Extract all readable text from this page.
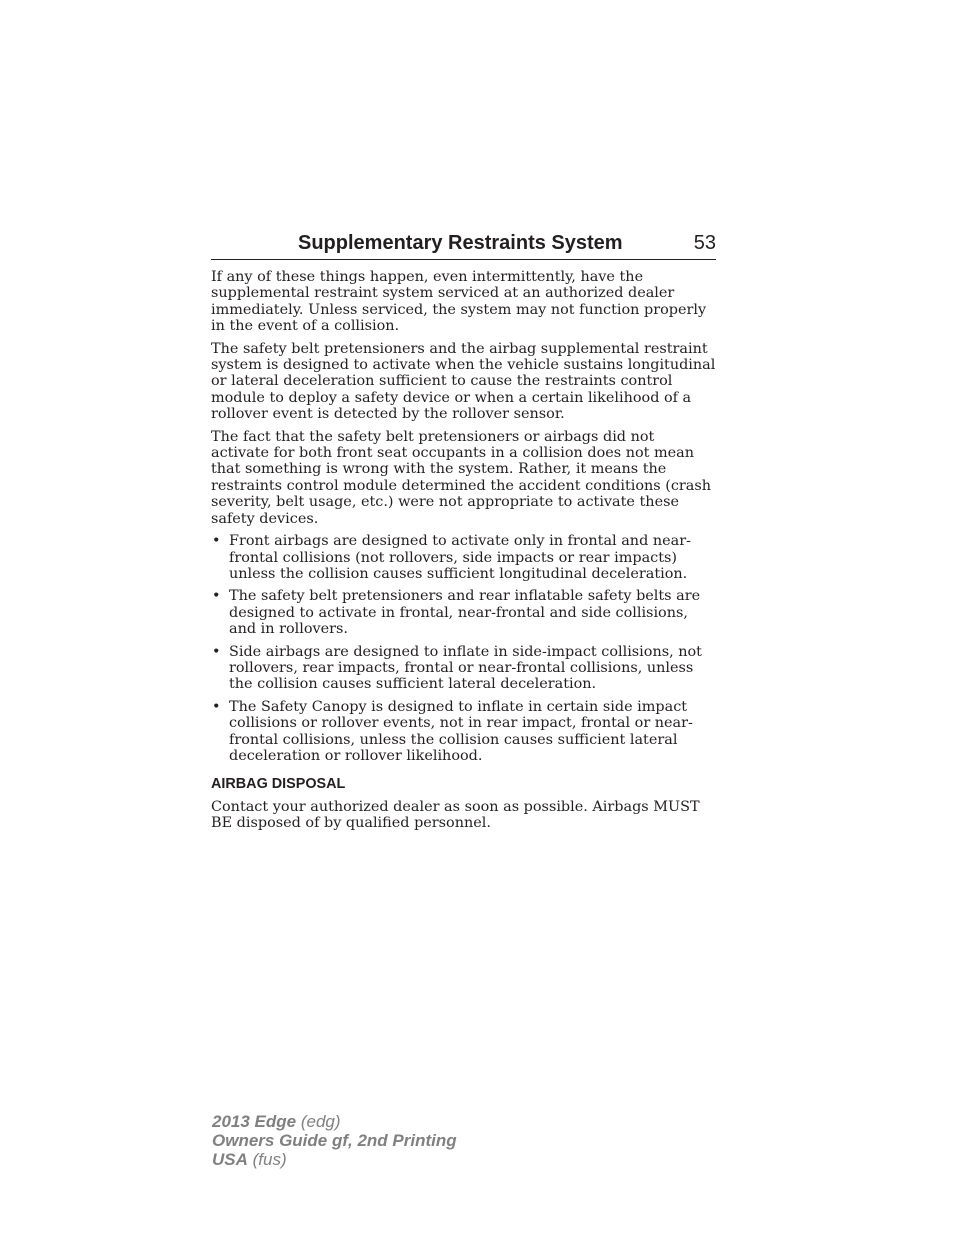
Supplementary Restraints System	53

If any of these things happen, even intermittently, have the supplemental restraint system serviced at an authorized dealer immediately. Unless serviced, the system may not function properly in the event of a collision.

The safety belt pretensioners and the airbag supplemental restraint system is designed to activate when the vehicle sustains longitudinal or lateral deceleration sufficient to cause the restraints control module to deploy a safety device or when a certain likelihood of a rollover event is detected by the rollover sensor.

The fact that the safety belt pretensioners or airbags did not activate for both front seat occupants in a collision does not mean that something is wrong with the system. Rather, it means the restraints control module determined the accident conditions (crash severity, belt usage, etc.) were not appropriate to activate these safety devices.

• Front airbags are designed to activate only in frontal and near-frontal collisions (not rollovers, side impacts or rear impacts) unless the collision causes sufficient longitudinal deceleration.
• The safety belt pretensioners and rear inflatable safety belts are designed to activate in frontal, near-frontal and side collisions, and in rollovers.
• Side airbags are designed to inflate in side-impact collisions, not rollovers, rear impacts, frontal or near-frontal collisions, unless the collision causes sufficient lateral deceleration.
• The Safety Canopy is designed to inflate in certain side impact collisions or rollover events, not in rear impact, frontal or near-frontal collisions, unless the collision causes sufficient lateral deceleration or rollover likelihood.
AIRBAG DISPOSAL

Contact your authorized dealer as soon as possible. Airbags MUST BE disposed of by qualified personnel.

2013 Edge (edg)
Owners Guide gf, 2nd Printing
USA (fus)
